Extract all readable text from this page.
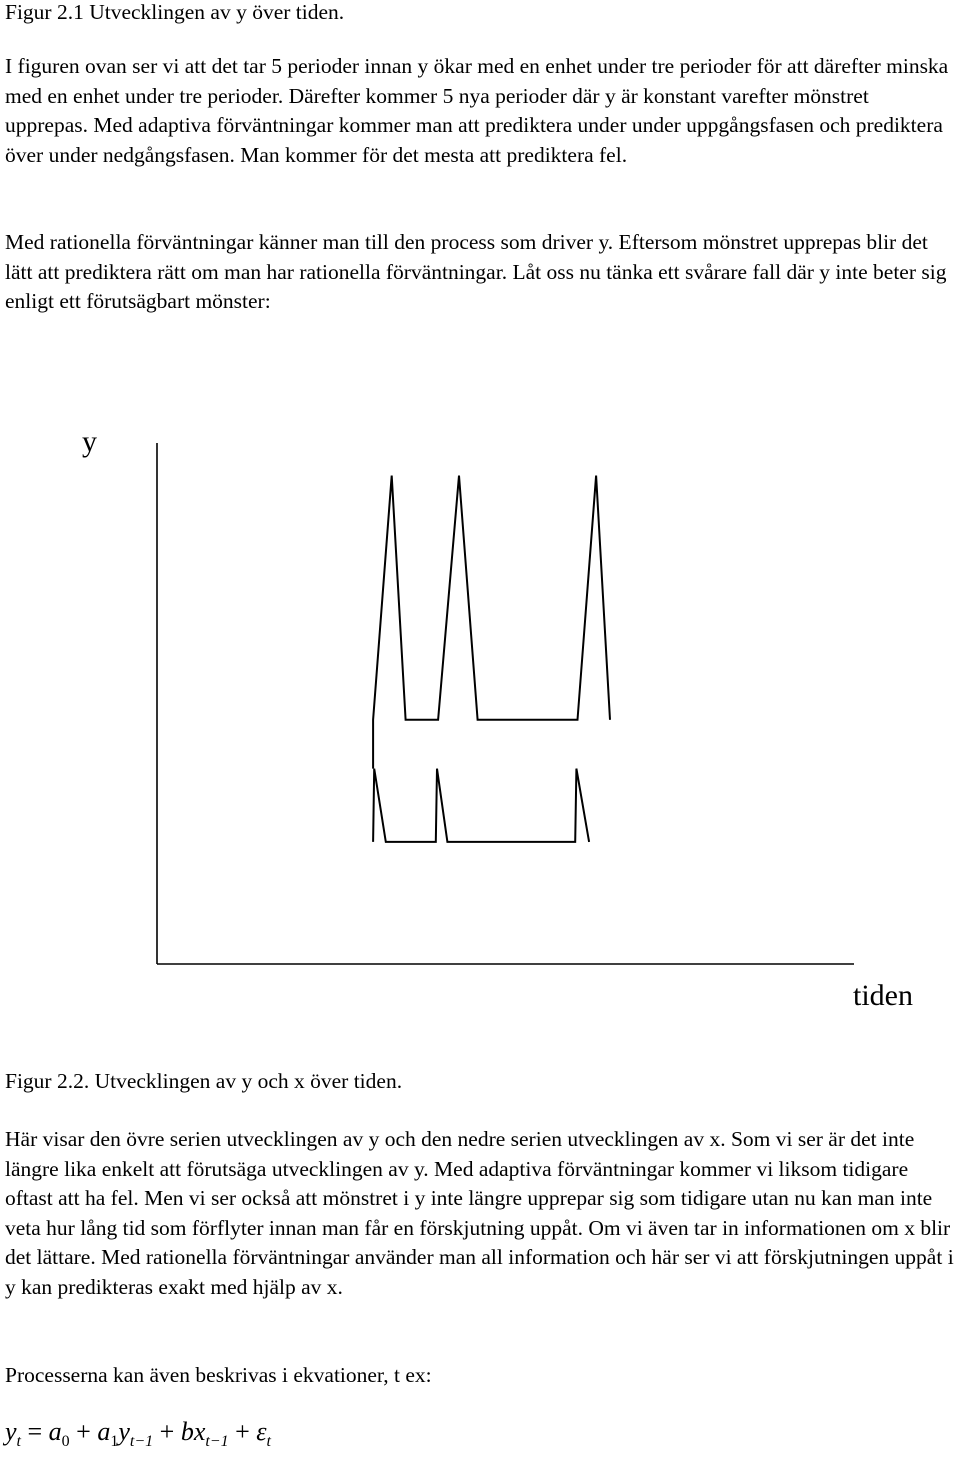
Figur 2.1 Utvecklingen av y över tiden.

I figuren ovan ser vi att det tar 5 perioder innan y ökar med en enhet under tre perioder för att därefter minska med en enhet under tre perioder. Därefter kommer 5 nya perioder där y är konstant varefter mönstret upprepas. Med adaptiva förväntningar kommer man att prediktera under under uppgångsfasen och prediktera över under nedgångsfasen. Man kommer för det mesta att prediktera fel.

Med rationella förväntningar känner man till den process som driver y. Eftersom mönstret upprepas blir det lätt att prediktera rätt om man har rationella förväntningar. Låt oss nu tänka ett svårare fall där y inte beter sig enligt ett förutsägbart mönster:

y
tiden

Figur 2.2. Utvecklingen av y och x över tiden.

Här visar den övre serien utvecklingen av y och den nedre serien utvecklingen av x. Som vi ser är det inte längre lika enkelt att förutsäga utvecklingen av y. Med adaptiva förväntningar kommer vi liksom tidigare oftast att ha fel. Men vi ser också att mönstret i y inte längre upprepar sig som tidigare utan nu kan man inte veta hur lång tid som förflyter innan man får en förskjutning uppåt. Om vi även tar in informationen om x blir det lättare. Med rationella förväntningar använder man all information och här ser vi att förskjutningen uppåt i y kan predikteras exakt med hjälp av x.

Processerna kan även beskrivas i ekvationer, t ex:

$y_t = a_0 + a_1y_{t-1} + bx_{t-1} + \varepsilon_t$
